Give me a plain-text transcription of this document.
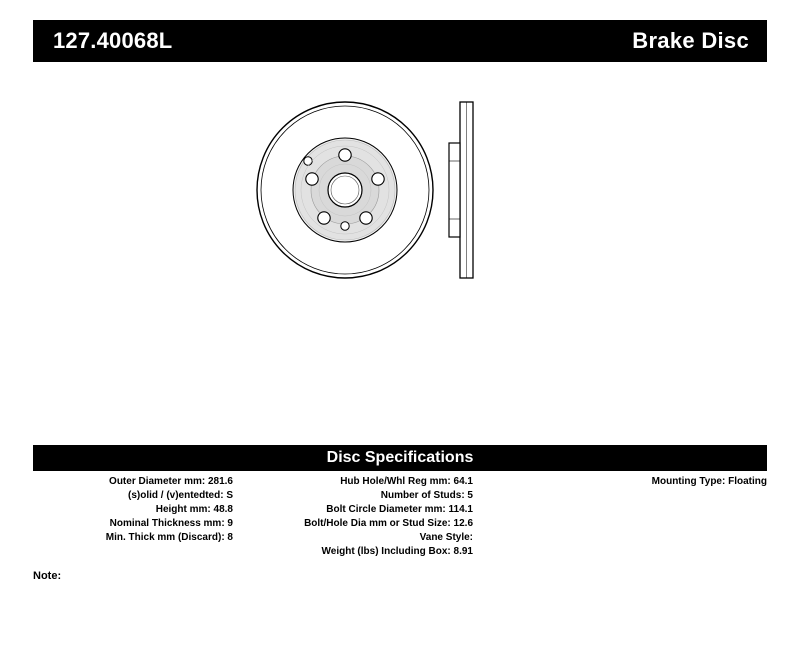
127.40068L	Brake Disc
Disc Specifications
Outer Diameter mm: 281.6
(s)olid / (v)entedted: S
Height mm: 48.8
Nominal Thickness mm: 9
Min. Thick mm (Discard): 8
Hub Hole/Whl Reg mm: 64.1
Number of Studs: 5
Bolt Circle Diameter mm: 114.1
Bolt/Hole Dia mm or Stud Size: 12.6
Vane Style:
Weight (lbs) Including Box: 8.91
Mounting Type: Floating
Note:
